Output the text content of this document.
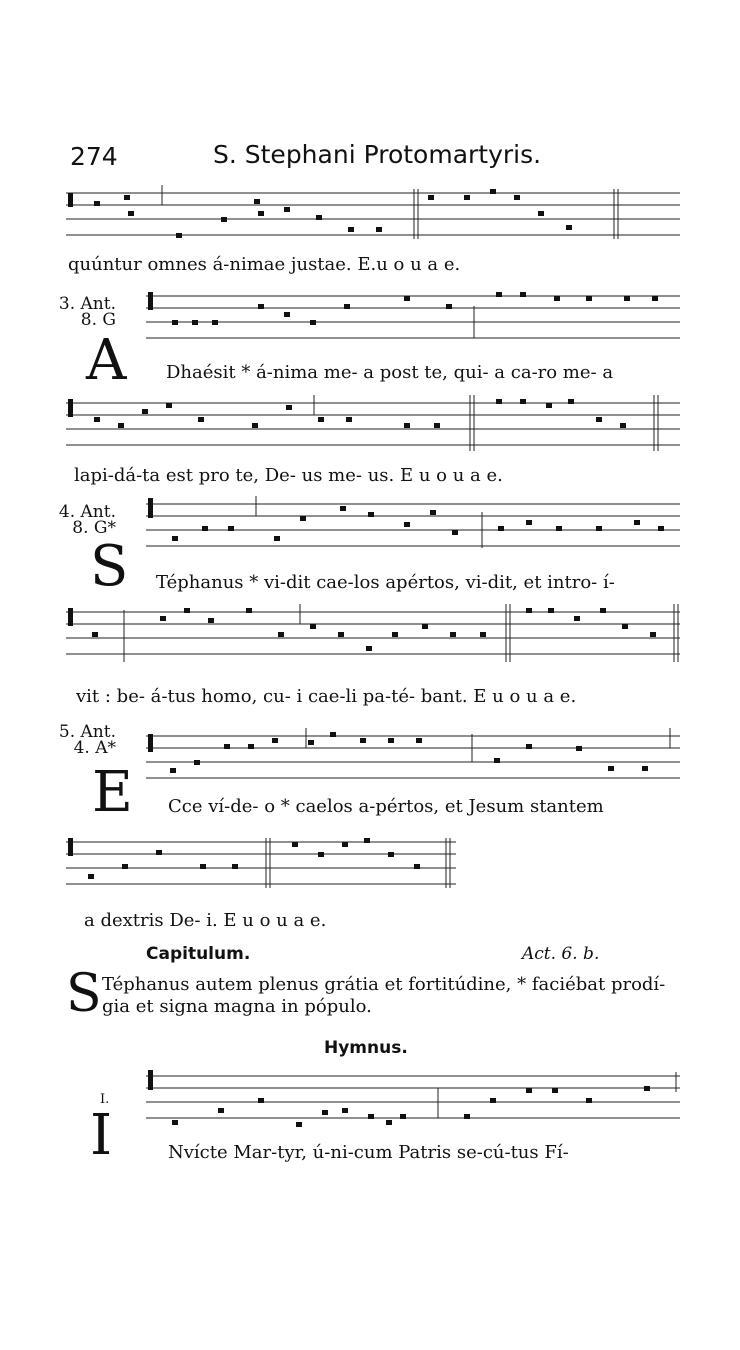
274	S. Stephani Protomartyris.
quúntur omnes á-nimae justae. E.u o u a e.
3. Ant.
8. G
A Dhaésit * á-nima me- a post te, qui- a ca-ro me- a
lapi-dá-ta est pro te, De- us me- us. E u o u a e.
4. Ant.
8. G*
S Téphanus * vi-dit cae-los apértos, vi-dit, et intro- í-
vit : be- á-tus homo, cu- i cae-li pa-té- bant. E u o u a e.
5. Ant.
4. A*
E Cce ví-de- o * caelos a-pértos, et Jesum stantem
a dextris De- i. E u o u a e.
Capitulum.	Act. 6. b.
S Téphanus autem plenus grátia et fortitúdine, * faciébat prodí-
gia et signa magna in pópulo.
Hymnus.
I.
I	Nvícte Mar-tyr, ú-ni-cum Patris se-cú-tus Fí-
